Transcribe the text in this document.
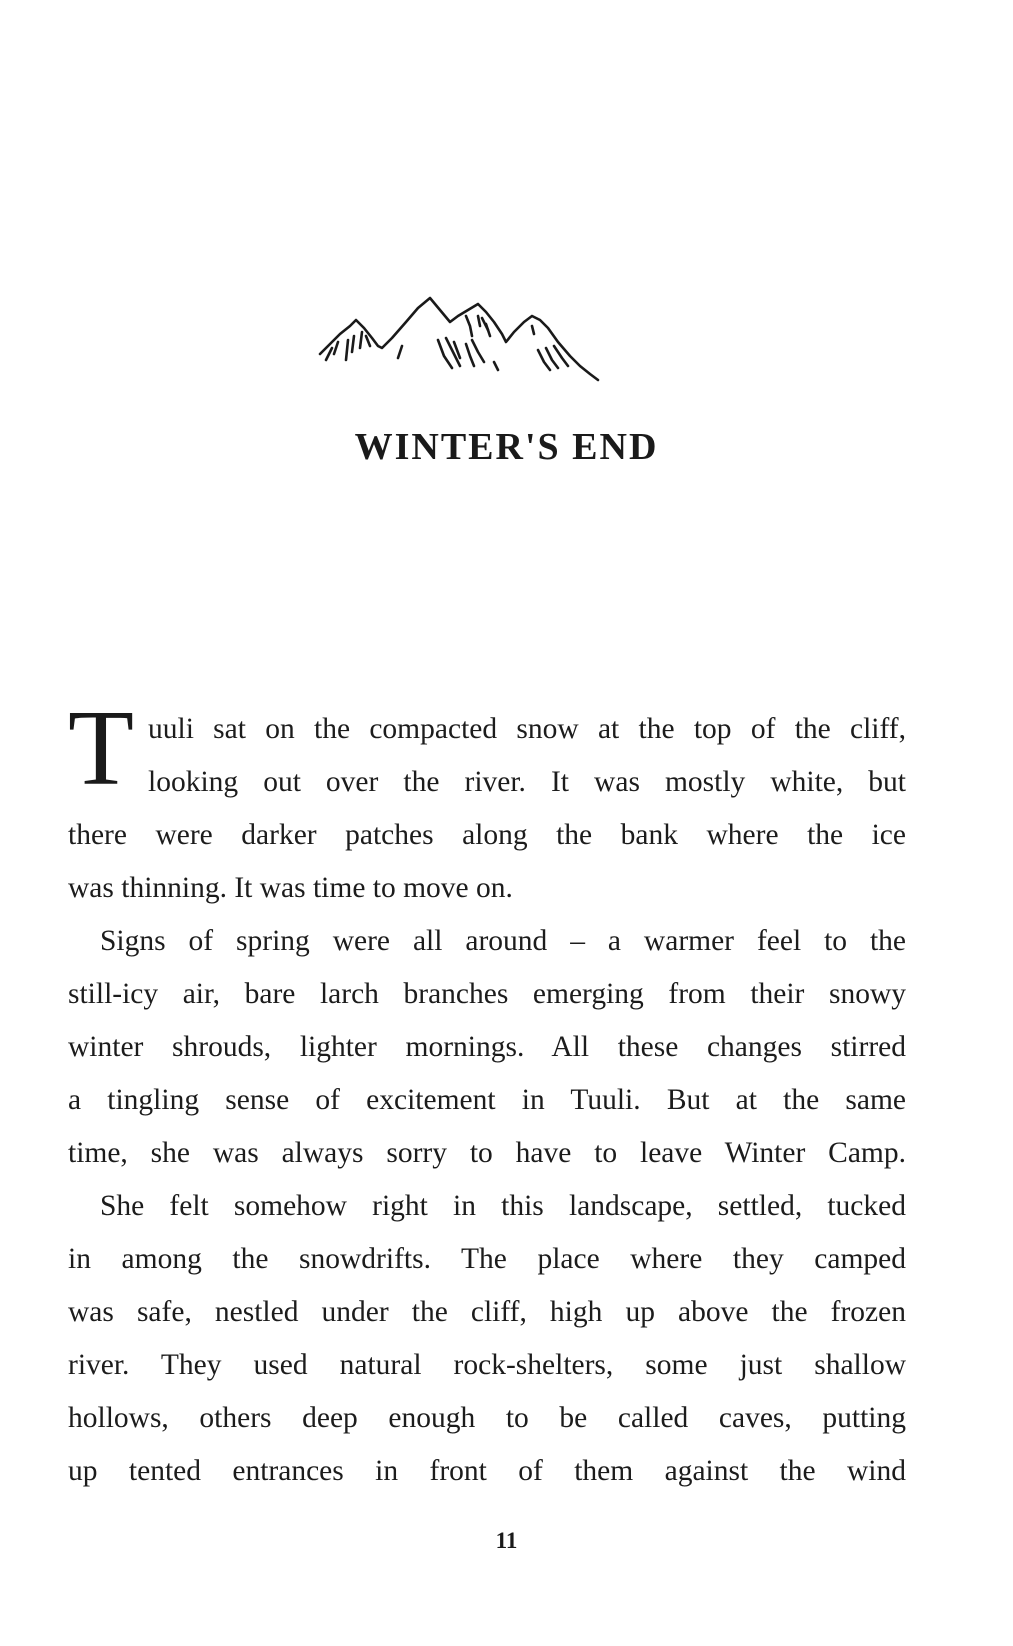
WINTER'S END
T uuli sat on the compacted snow at the top of the cliff,
looking out over the river. It was mostly white, but
there were darker patches along the bank where the ice
was thinning. It was time to move on.
Signs of spring were all around – a warmer feel to the
still-icy air, bare larch branches emerging from their snowy
winter shrouds, lighter mornings. All these changes stirred
a tingling sense of excitement in Tuuli. But at the same
time, she was always sorry to have to leave Winter Camp.
She felt somehow right in this landscape, settled, tucked
in among the snowdrifts. The place where they camped
was safe, nestled under the cliff, high up above the frozen
river. They used natural rock-shelters, some just shallow
hollows, others deep enough to be called caves, putting
up tented entrances in front of them against the wind
11
